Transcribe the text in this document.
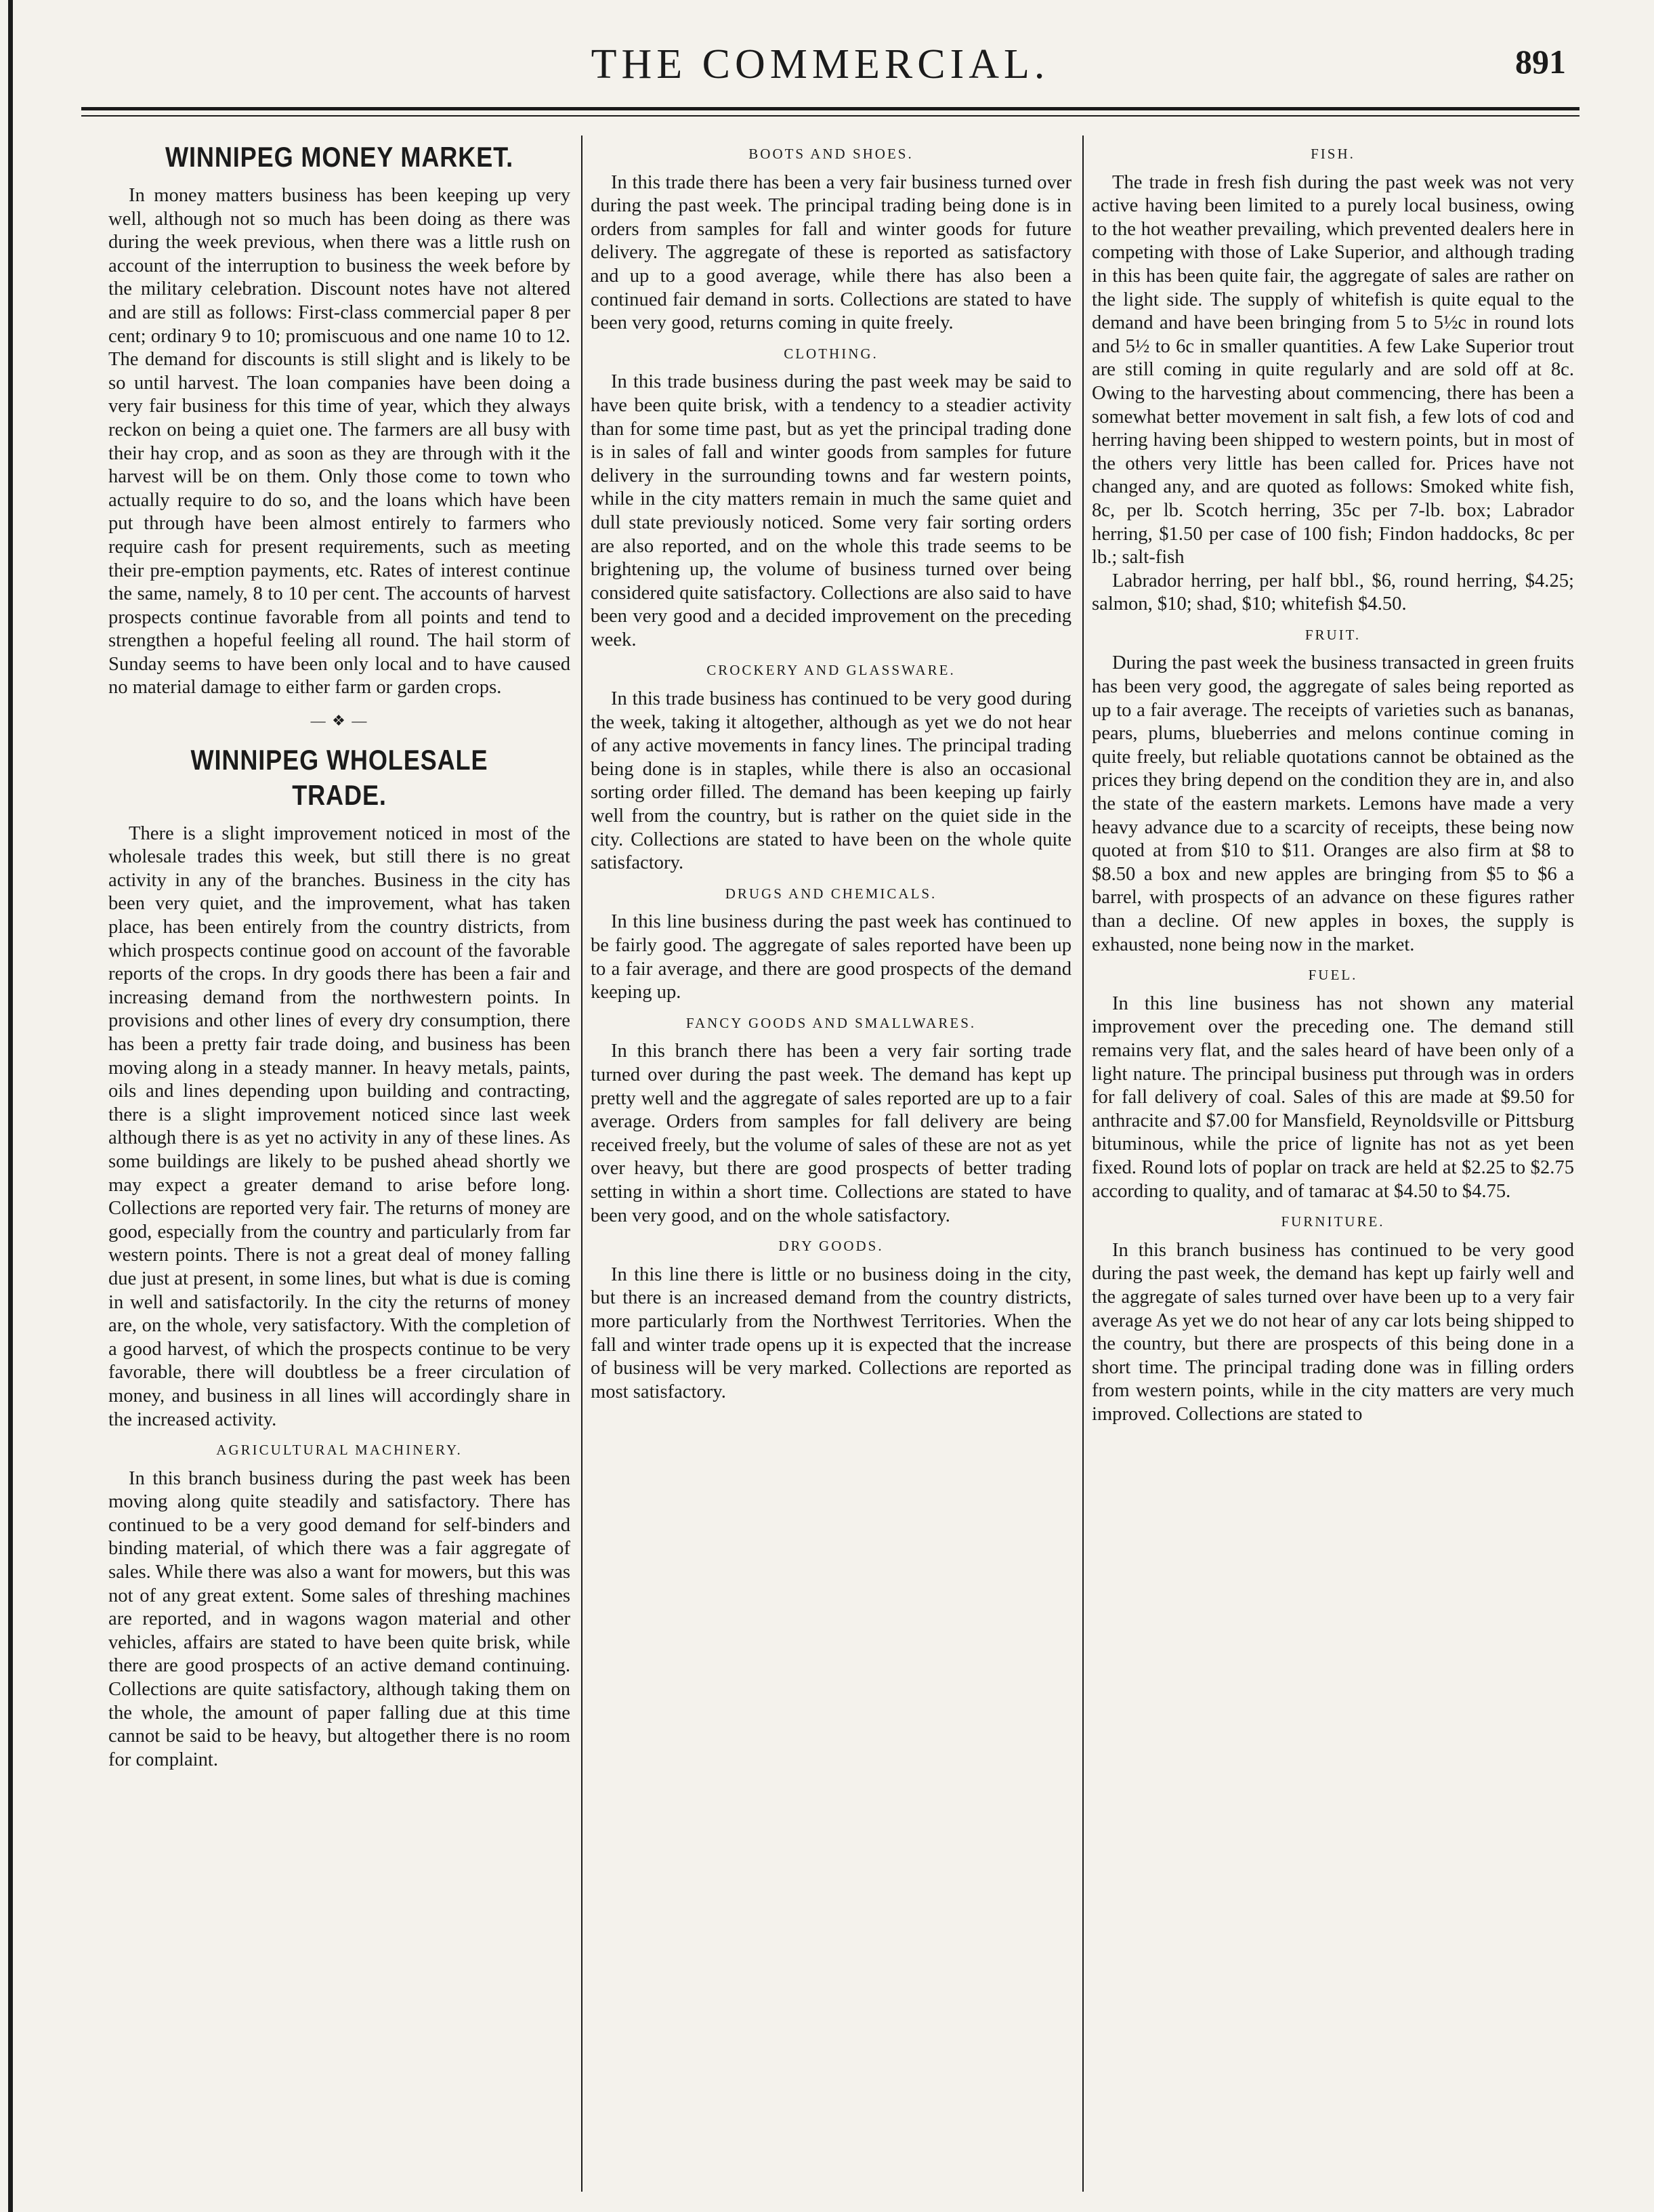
THE COMMERCIAL.	891
WINNIPEG MONEY MARKET.

In money matters business has been keeping up very well, although not so much has been doing as there was during the week previous, when there was a little rush on account of the interruption to business the week before by the military celebration. Discount notes have not altered and are still as follows: First-class commercial paper 8 per cent; ordinary 9 to 10; promiscuous and one name 10 to 12. The demand for discounts is still slight and is likely to be so until harvest. The loan companies have been doing a very fair business for this time of year, which they always reckon on being a quiet one. The farmers are all busy with their hay crop, and as soon as they are through with it the harvest will be on them. Only those come to town who actually require to do so, and the loans which have been put through have been almost entirely to farmers who require cash for present requirements, such as meeting their pre-emption payments, etc. Rates of interest continue the same, namely, 8 to 10 per cent. The accounts of harvest prospects continue favorable from all points and tend to strengthen a hopeful feeling all round. The hail storm of Sunday seems to have been only local and to have caused no material damage to either farm or garden crops.

— ❖ —
WINNIPEG WHOLESALE TRADE.

There is a slight improvement noticed in most of the wholesale trades this week, but still there is no great activity in any of the branches. Business in the city has been very quiet, and the improvement, what has taken place, has been entirely from the country districts, from which prospects continue good on account of the favorable reports of the crops. In dry goods there has been a fair and increasing demand from the northwestern points. In provisions and other lines of every dry consumption, there has been a pretty fair trade doing, and business has been moving along in a steady manner. In heavy metals, paints, oils and lines depending upon building and contracting, there is a slight improvement noticed since last week although there is as yet no activity in any of these lines. As some buildings are likely to be pushed ahead shortly we may expect a greater demand to arise before long. Collections are reported very fair. The returns of money are good, especially from the country and particularly from far western points. There is not a great deal of money falling due just at present, in some lines, but what is due is coming in well and satisfactorily. In the city the returns of money are, on the whole, very satisfactory. With the completion of a good harvest, of which the prospects continue to be very favorable, there will doubtless be a freer circulation of money, and business in all lines will accordingly share in the increased activity.

AGRICULTURAL MACHINERY.

In this branch business during the past week has been moving along quite steadily and satisfactory. There has continued to be a very good demand for self-binders and binding material, of which there was a fair aggregate of sales. While there was also a want for mowers, but this was not of any great extent. Some sales of threshing machines are reported, and in wagons wagon material and other vehicles, affairs are stated to have been quite brisk, while there are good prospects of an active demand continuing. Collections are quite satisfactory, although taking them on the whole, the amount of paper falling due at this time cannot be said to be heavy, but altogether there is no room for complaint.

BOOTS AND SHOES.

In this trade there has been a very fair business turned over during the past week. The principal trading being done is in orders from samples for fall and winter goods for future delivery. The aggregate of these is reported as satisfactory and up to a good average, while there has also been a continued fair demand in sorts. Collections are stated to have been very good, returns coming in quite freely.

CLOTHING.

In this trade business during the past week may be said to have been quite brisk, with a tendency to a steadier activity than for some time past, but as yet the principal trading done is in sales of fall and winter goods from samples for future delivery in the surrounding towns and far western points, while in the city matters remain in much the same quiet and dull state previously noticed. Some very fair sorting orders are also reported, and on the whole this trade seems to be brightening up, the volume of business turned over being considered quite satisfactory. Collections are also said to have been very good and a decided improvement on the preceding week.

CROCKERY AND GLASSWARE.

In this trade business has continued to be very good during the week, taking it altogether, although as yet we do not hear of any active movements in fancy lines. The principal trading being done is in staples, while there is also an occasional sorting order filled. The demand has been keeping up fairly well from the country, but is rather on the quiet side in the city. Collections are stated to have been on the whole quite satisfactory.

DRUGS AND CHEMICALS.

In this line business during the past week has continued to be fairly good. The aggregate of sales reported have been up to a fair average, and there are good prospects of the demand keeping up.

FANCY GOODS AND SMALLWARES.

In this branch there has been a very fair sorting trade turned over during the past week. The demand has kept up pretty well and the aggregate of sales reported are up to a fair average. Orders from samples for fall delivery are being received freely, but the volume of sales of these are not as yet over heavy, but there are good prospects of better trading setting in within a short time. Collections are stated to have been very good, and on the whole satisfactory.

DRY GOODS.

In this line there is little or no business doing in the city, but there is an increased demand from the country districts, more particularly from the Northwest Territories. When the fall and winter trade opens up it is expected that the increase of business will be very marked. Collections are reported as most satisfactory.

FISH.

The trade in fresh fish during the past week was not very active having been limited to a purely local business, owing to the hot weather prevailing, which prevented dealers here in competing with those of Lake Superior, and although trading in this has been quite fair, the aggregate of sales are rather on the light side. The supply of whitefish is quite equal to the demand and have been bringing from 5 to 5½c in round lots and 5½ to 6c in smaller quantities. A few Lake Superior trout are still coming in quite regularly and are sold off at 8c. Owing to the harvesting about commencing, there has been a somewhat better movement in salt fish, a few lots of cod and herring having been shipped to western points, but in most of the others very little has been called for. Prices have not changed any, and are quoted as follows: Smoked white fish, 8c, per lb. Scotch herring, 35c per 7-lb. box; Labrador herring, $1.50 per case of 100 fish; Findon haddocks, 8c per lb.; salt-fish

Labrador herring, per half bbl., $6, round herring, $4.25; salmon, $10; shad, $10; whitefish $4.50.

FRUIT.

During the past week the business transacted in green fruits has been very good, the aggregate of sales being reported as up to a fair average. The receipts of varieties such as bananas, pears, plums, blueberries and melons continue coming in quite freely, but reliable quotations cannot be obtained as the prices they bring depend on the condition they are in, and also the state of the eastern markets. Lemons have made a very heavy advance due to a scarcity of receipts, these being now quoted at from $10 to $11. Oranges are also firm at $8 to $8.50 a box and new apples are bringing from $5 to $6 a barrel, with prospects of an advance on these figures rather than a decline. Of new apples in boxes, the supply is exhausted, none being now in the market.

FUEL.

In this line business has not shown any material improvement over the preceding one. The demand still remains very flat, and the sales heard of have been only of a light nature. The principal business put through was in orders for fall delivery of coal. Sales of this are made at $9.50 for anthracite and $7.00 for Mansfield, Reynoldsville or Pittsburg bituminous, while the price of lignite has not as yet been fixed. Round lots of poplar on track are held at $2.25 to $2.75 according to quality, and of tamarac at $4.50 to $4.75.

FURNITURE.

In this branch business has continued to be very good during the past week, the demand has kept up fairly well and the aggregate of sales turned over have been up to a very fair average As yet we do not hear of any car lots being shipped to the country, but there are prospects of this being done in a short time. The principal trading done was in filling orders from western points, while in the city matters are very much improved. Collections are stated to
